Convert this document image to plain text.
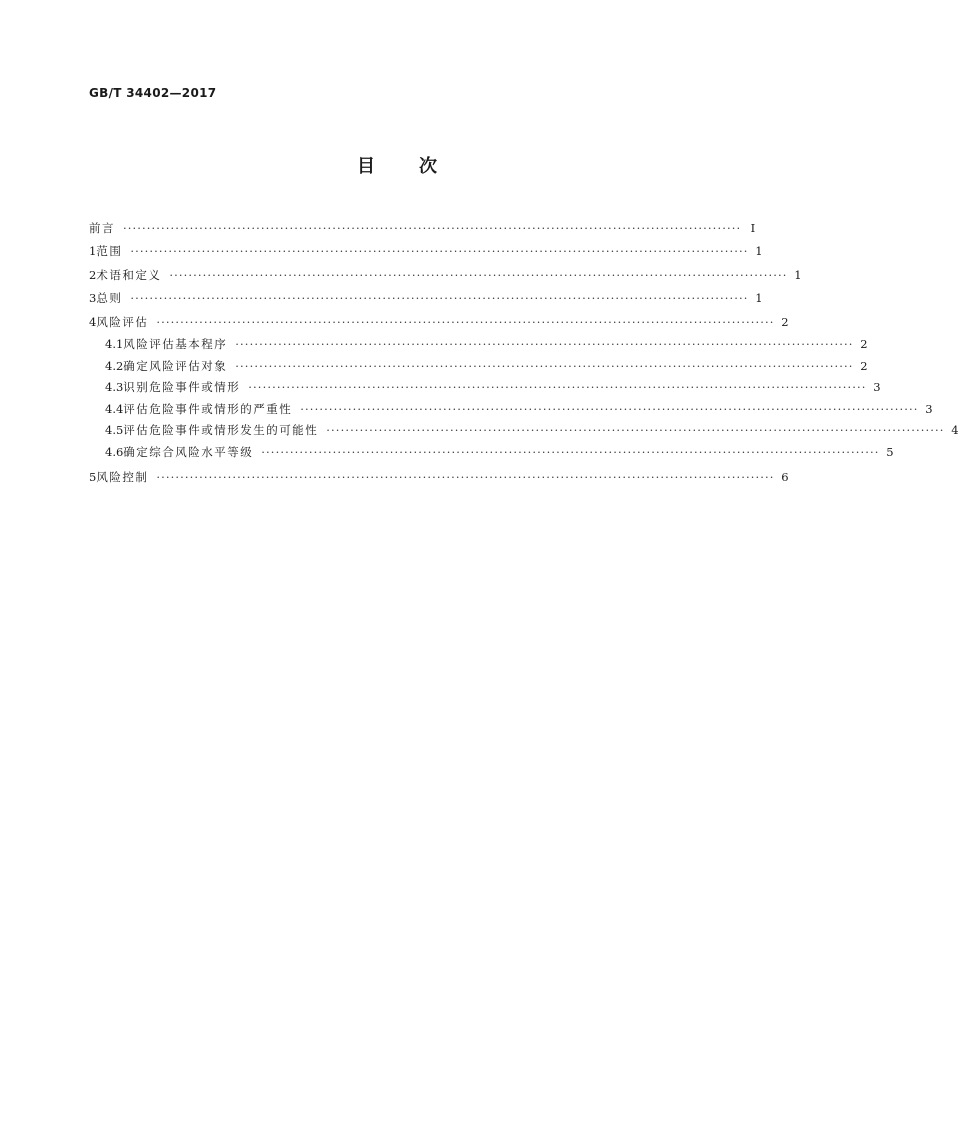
GB/T 34402—2017
目 次
前言 ·································································································································· Ⅰ
1 范围 ·································································································································· 1
2 术语和定义 ·································································································································· 1
3 总则 ·································································································································· 1
4 风险评估 ·································································································································· 2
4.1 风险评估基本程序 ·································································································································· 2
4.2 确定风险评估对象 ·································································································································· 2
4.3 识别危险事件或情形 ·································································································································· 3
4.4 评估危险事件或情形的严重性 ·································································································································· 3
4.5 评估危险事件或情形发生的可能性 ·································································································································· 4
4.6 确定综合风险水平等级 ·································································································································· 5
5 风险控制 ·································································································································· 6
